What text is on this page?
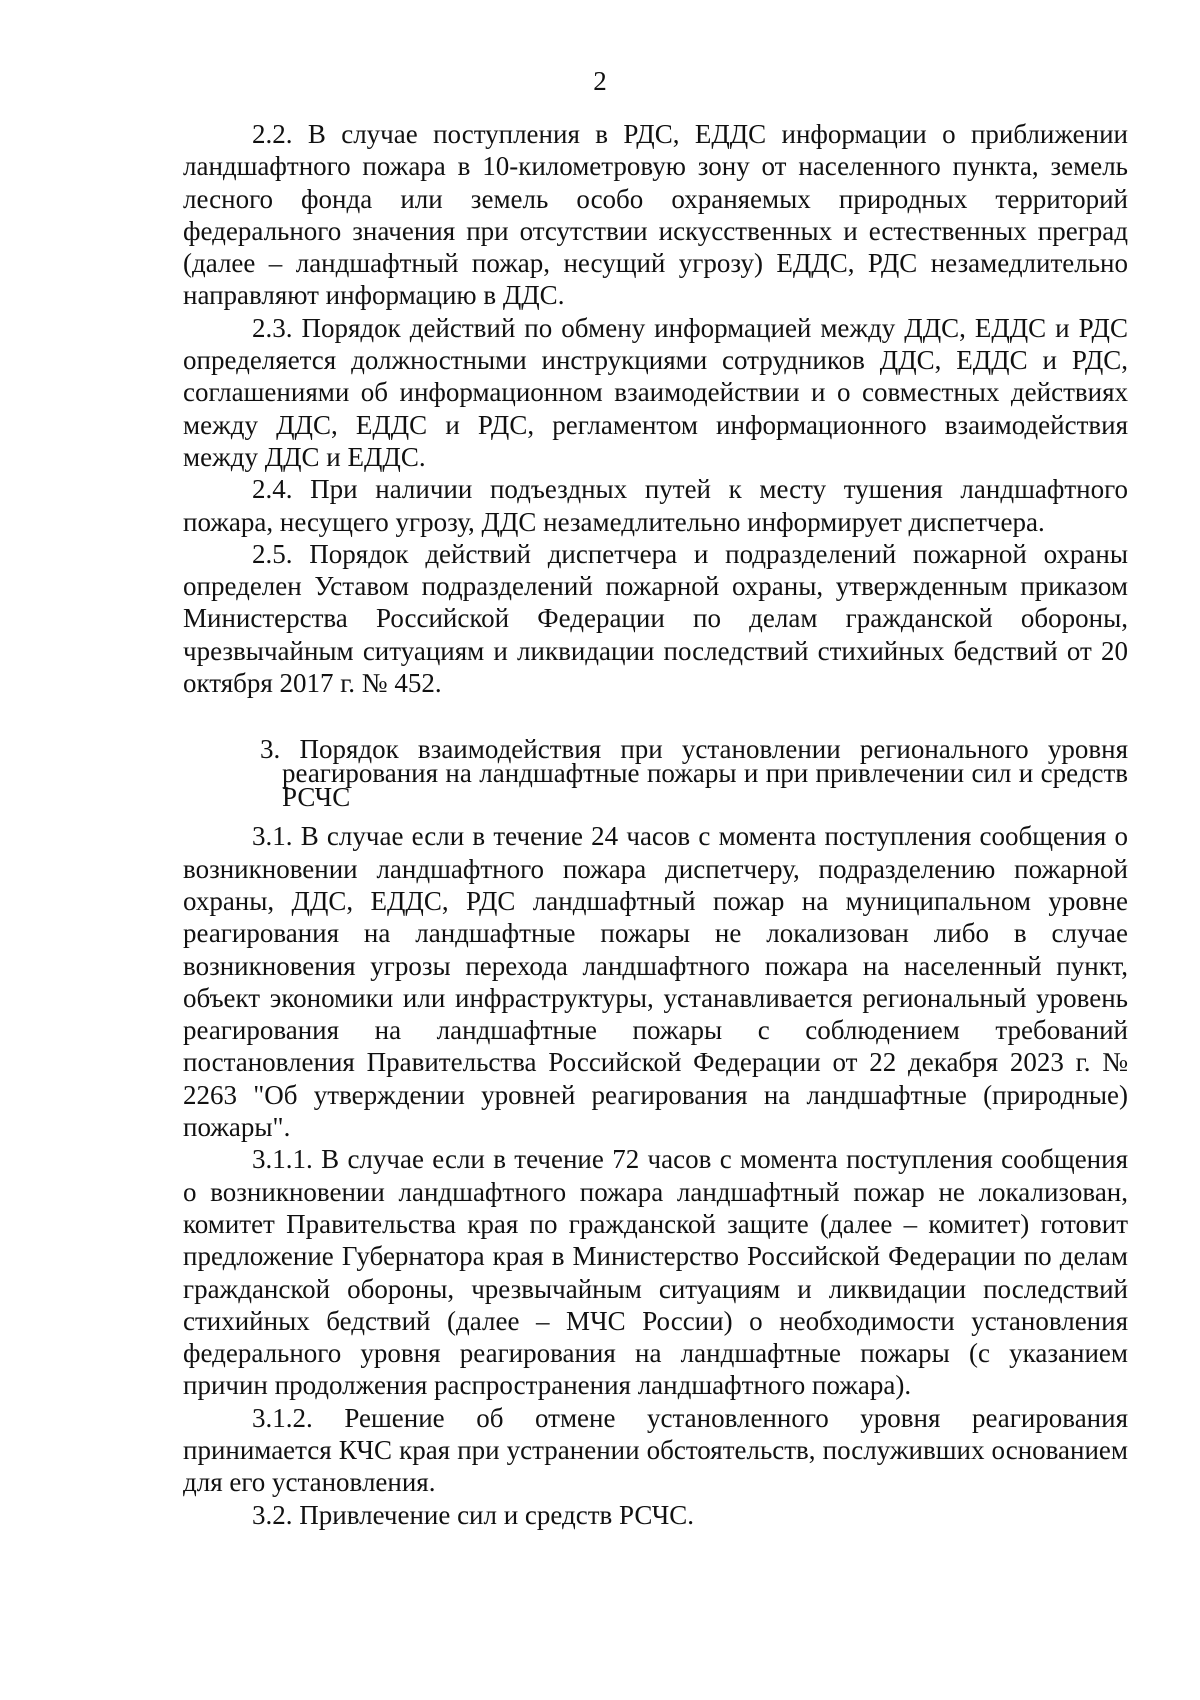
2

2.2. В случае поступления в РДС, ЕДДС информации о приближении ландшафтного пожара в 10-километровую зону от населенного пункта, земель лесного фонда или земель особо охраняемых природных территорий федерального значения при отсутствии искусственных и естественных преград (далее – ландшафтный пожар, несущий угрозу) ЕДДС, РДС незамедлительно направляют информацию в ДДС.

2.3. Порядок действий по обмену информацией между ДДС, ЕДДС и РДС определяется должностными инструкциями сотрудников ДДС, ЕДДС и РДС, соглашениями об информационном взаимодействии и о совместных действиях между ДДС, ЕДДС и РДС, регламентом информационного взаимодействия между ДДС и ЕДДС.

2.4. При наличии подъездных путей к месту тушения ландшафтного пожара, несущего угрозу, ДДС незамедлительно информирует диспетчера.

2.5. Порядок действий диспетчера и подразделений пожарной охраны определен Уставом подразделений пожарной охраны, утвержденным приказом Министерства Российской Федерации по делам гражданской обороны, чрезвычайным ситуациям и ликвидации последствий стихийных бедствий от 20 октября 2017 г. № 452.

3. Порядок взаимодействия при установлении регионального уровня реагирования на ландшафтные пожары и при привлечении сил и средств РСЧС

3.1. В случае если в течение 24 часов с момента поступления сообщения о возникновении ландшафтного пожара диспетчеру, подразделению пожарной охраны, ДДС, ЕДДС, РДС ландшафтный пожар на муниципальном уровне реагирования на ландшафтные пожары не локализован либо в случае возникновения угрозы перехода ландшафтного пожара на населенный пункт, объект экономики или инфраструктуры, устанавливается региональный уровень реагирования на ландшафтные пожары с соблюдением требований постановления Правительства Российской Федерации от 22 декабря 2023 г. № 2263 "Об утверждении уровней реагирования на ландшафтные (природные) пожары".

3.1.1. В случае если в течение 72 часов с момента поступления сообщения о возникновении ландшафтного пожара ландшафтный пожар не локализован, комитет Правительства края по гражданской защите (далее – комитет) готовит предложение Губернатора края в Министерство Российской Федерации по делам гражданской обороны, чрезвычайным ситуациям и ликвидации последствий стихийных бедствий (далее – МЧС России) о необходимости установления федерального уровня реагирования на ландшафтные пожары (с указанием причин продолжения распространения ландшафтного пожара).

3.1.2. Решение об отмене установленного уровня реагирования принимается КЧС края при устранении обстоятельств, послуживших основанием для его установления.

3.2. Привлечение сил и средств РСЧС.
